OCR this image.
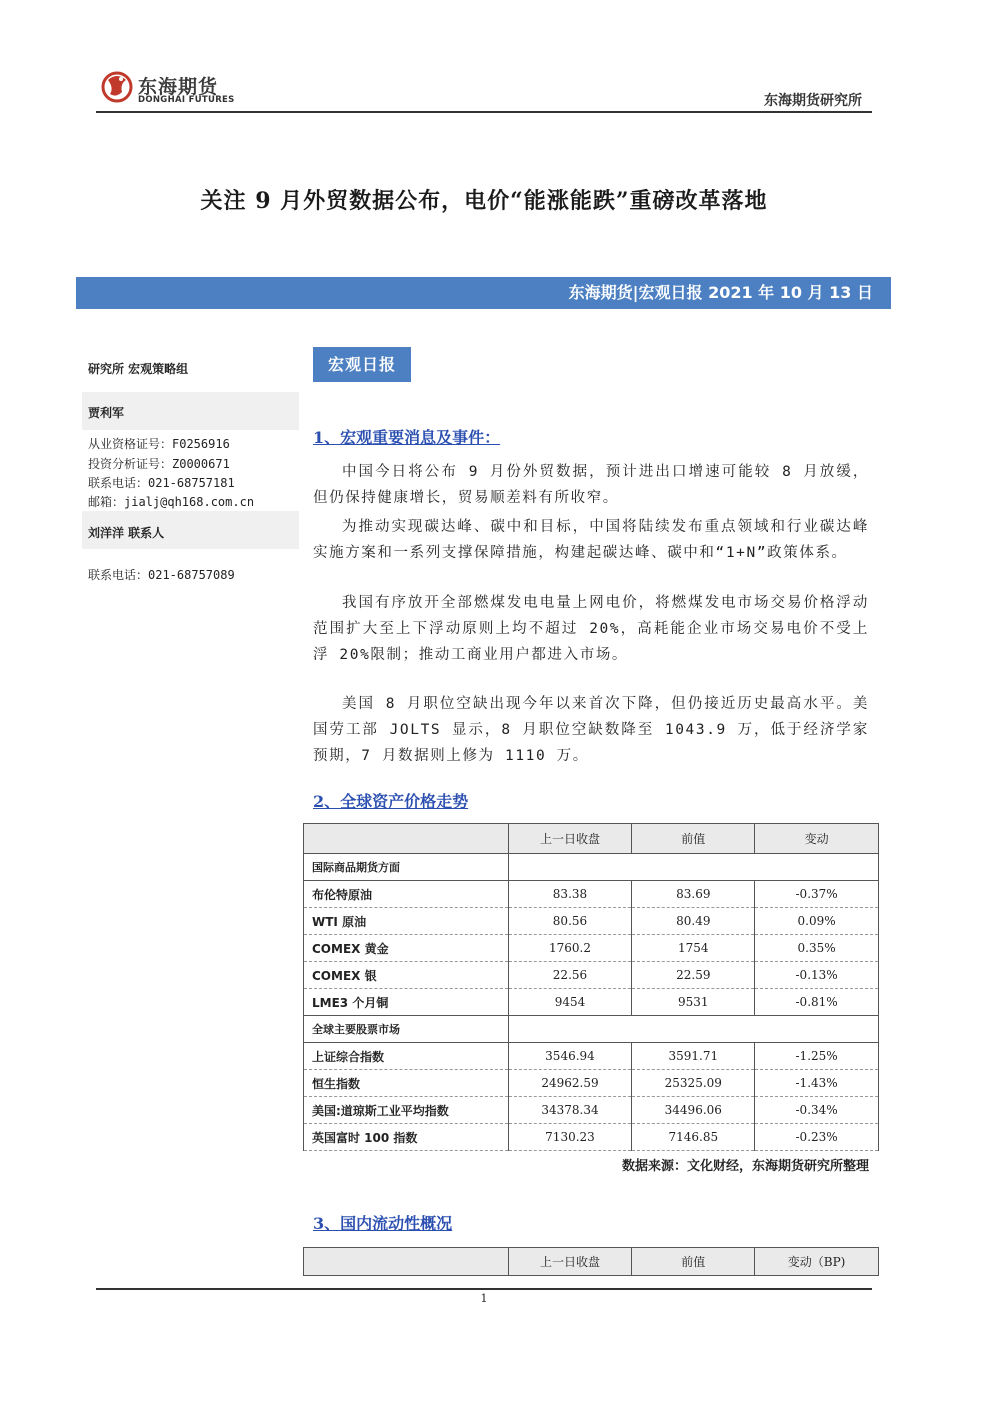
东海期货
DONGHAI FUTURES	东海期货研究所
关注 9 月外贸数据公布，电价“能涨能跌”重磅改革落地
东海期货|宏观日报 2021 年 10 月 13 日
研究所 宏观策略组
贾利军
从业资格证号：F0256916
投资分析证号：Z0000671
联系电话：021-68757181
邮箱：jialj@qh168.com.cn
刘洋洋 联系人
联系电话：021-68757089
宏观日报
1、宏观重要消息及事件：
中国今日将公布 9 月份外贸数据，预计进出口增速可能较 8 月放缓，但仍保持健康增长，贸易顺差料有所收窄。
为推动实现碳达峰、碳中和目标，中国将陆续发布重点领域和行业碳达峰实施方案和一系列支撑保障措施，构建起碳达峰、碳中和“1+N”政策体系。
我国有序放开全部燃煤发电电量上网电价，将燃煤发电市场交易价格浮动范围扩大至上下浮动原则上均不超过 20%，高耗能企业市场交易电价不受上浮 20%限制；推动工商业用户都进入市场。
美国 8 月职位空缺出现今年以来首次下降，但仍接近历史最高水平。美国劳工部 JOLTS 显示，8 月职位空缺数降至 1043.9 万，低于经济学家预期，7 月数据则上修为 1110 万。
2、全球资产价格走势
	上一日收盘	前值	变动
国际商品期货方面			
布伦特原油	83.38	83.69	-0.37%
WTI 原油	80.56	80.49	0.09%
COMEX 黄金	1760.2	1754	0.35%
COMEX 银	22.56	22.59	-0.13%
LME3 个月铜	9454	9531	-0.81%
全球主要股票市场			
上证综合指数	3546.94	3591.71	-1.25%
恒生指数	24962.59	25325.09	-1.43%
美国:道琼斯工业平均指数	34378.34	34496.06	-0.34%
英国富时 100 指数	7130.23	7146.85	-0.23%
数据来源：文化财经，东海期货研究所整理
3、国内流动性概况
	上一日收盘	前值	变动（BP)
1
